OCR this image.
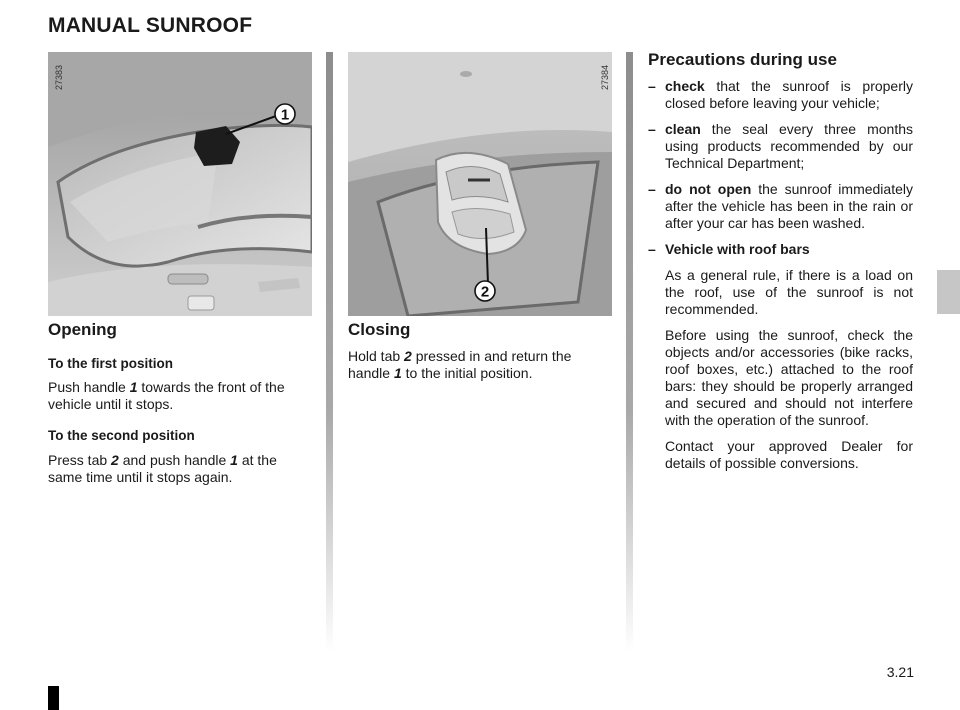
MANUAL SUNROOF
1
27383
2
27384
Opening
To the first position

Push handle 1 towards the front of the vehicle until it stops.

To the second position

Press tab 2 and push handle 1 at the same time until it stops again.

Closing

Hold tab 2 pressed in and return the handle 1 to the initial position.

Precautions during use
– check that the sunroof is properly closed before leaving your vehicle;
– clean the seal every three months using products recommended by our Technical Department;
– do not open the sunroof immediately after the vehicle has been in the rain or after your car has been washed.
– Vehicle with roof bars

As a general rule, if there is a load on the roof, use of the sunroof is not recommended.

Before using the sunroof, check the objects and/or accessories (bike racks, roof boxes, etc.) attached to the roof bars: they should be properly arranged and secured and should not interfere with the operation of the sunroof.

Contact your approved Dealer for details of possible conversions.

3.21
